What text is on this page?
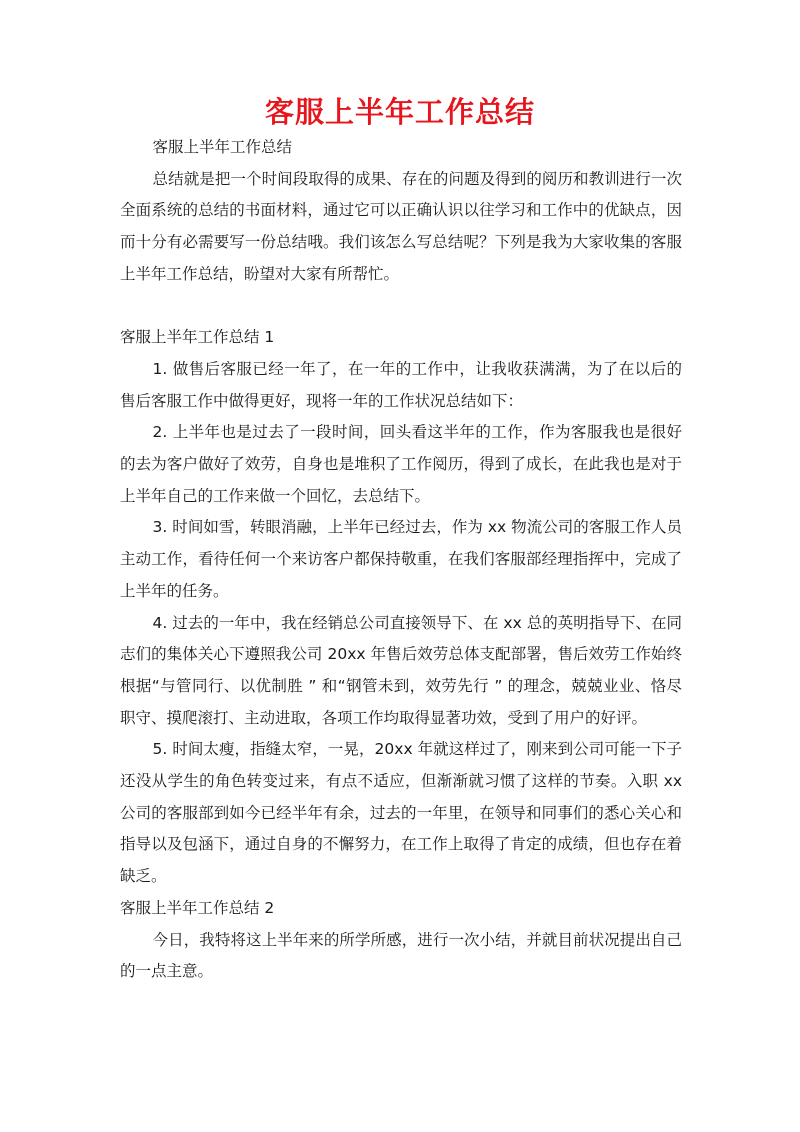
客服上半年工作总结

客服上半年工作总结

总结就是把一个时间段取得的成果、存在的问题及得到的阅历和教训进行一次全面系统的总结的书面材料，通过它可以正确认识以往学习和工作中的优缺点，因而十分有必需要写一份总结哦。我们该怎么写总结呢？下列是我为大家收集的客服上半年工作总结，盼望对大家有所帮忙。

客服上半年工作总结 1

1. 做售后客服已经一年了，在一年的工作中，让我收获满满，为了在以后的售后客服工作中做得更好，现将一年的工作状况总结如下：

2. 上半年也是过去了一段时间，回头看这半年的工作，作为客服我也是很好的去为客户做好了效劳，自身也是堆积了工作阅历，得到了成长，在此我也是对于上半年自己的工作来做一个回忆，去总结下。

3. 时间如雪，转眼消融，上半年已经过去，作为 xx 物流公司的客服工作人员主动工作，看待任何一个来访客户都保持敬重，在我们客服部经理指挥中，完成了上半年的任务。

4. 过去的一年中，我在经销总公司直接领导下、在 xx 总的英明指导下、在同志们的集体关心下遵照我公司 20xx 年售后效劳总体支配部署，售后效劳工作始终根据“与管同行、以优制胜 ” 和“钢管未到，效劳先行 ” 的理念，兢兢业业、恪尽职守、摸爬滚打、主动进取，各项工作均取得显著功效，受到了用户的好评。

5. 时间太瘦，指缝太窄，一晃，20xx 年就这样过了，刚来到公司可能一下子还没从学生的角色转变过来，有点不适应，但渐渐就习惯了这样的节奏。入职 xx 公司的客服部到如今已经半年有余，过去的一年里，在领导和同事们的悉心关心和指导以及包涵下，通过自身的不懈努力，在工作上取得了肯定的成绩，但也存在着缺乏。

客服上半年工作总结 2

今日，我特将这上半年来的所学所感，进行一次小结，并就目前状况提出自己的一点主意。
